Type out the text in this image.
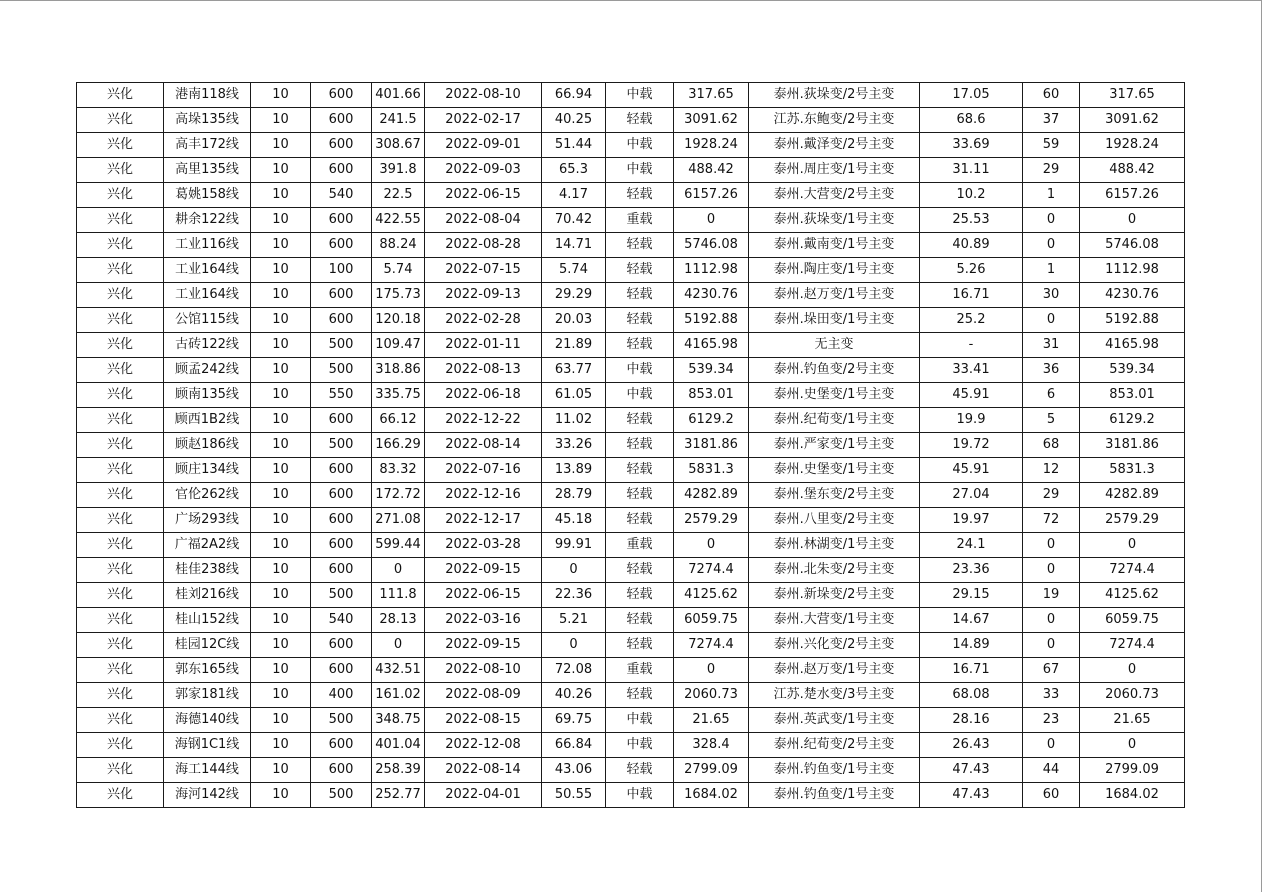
兴化	港南118线	10	600	401.66	2022-08-10	66.94	中载	317.65	泰州.荻垛变/2号主变	17.05	60	317.65
兴化	高垛135线	10	600	241.5	2022-02-17	40.25	轻载	3091.62	江苏.东鲍变/2号主变	68.6	37	3091.62
兴化	高丰172线	10	600	308.67	2022-09-01	51.44	中载	1928.24	泰州.戴泽变/2号主变	33.69	59	1928.24
兴化	高里135线	10	600	391.8	2022-09-03	65.3	中载	488.42	泰州.周庄变/1号主变	31.11	29	488.42
兴化	葛姚158线	10	540	22.5	2022-06-15	4.17	轻载	6157.26	泰州.大营变/2号主变	10.2	1	6157.26
兴化	耕余122线	10	600	422.55	2022-08-04	70.42	重载	0	泰州.荻垛变/1号主变	25.53	0	0
兴化	工业116线	10	600	88.24	2022-08-28	14.71	轻载	5746.08	泰州.戴南变/1号主变	40.89	0	5746.08
兴化	工业164线	10	100	5.74	2022-07-15	5.74	轻载	1112.98	泰州.陶庄变/1号主变	5.26	1	1112.98
兴化	工业164线	10	600	175.73	2022-09-13	29.29	轻载	4230.76	泰州.赵万变/1号主变	16.71	30	4230.76
兴化	公馆115线	10	600	120.18	2022-02-28	20.03	轻载	5192.88	泰州.垛田变/1号主变	25.2	0	5192.88
兴化	古砖122线	10	500	109.47	2022-01-11	21.89	轻载	4165.98	无主变	-	31	4165.98
兴化	顾孟242线	10	500	318.86	2022-08-13	63.77	中载	539.34	泰州.钓鱼变/2号主变	33.41	36	539.34
兴化	顾南135线	10	550	335.75	2022-06-18	61.05	中载	853.01	泰州.史堡变/1号主变	45.91	6	853.01
兴化	顾西1B2线	10	600	66.12	2022-12-22	11.02	轻载	6129.2	泰州.纪荀变/1号主变	19.9	5	6129.2
兴化	顾赵186线	10	500	166.29	2022-08-14	33.26	轻载	3181.86	泰州.严家变/1号主变	19.72	68	3181.86
兴化	顾庄134线	10	600	83.32	2022-07-16	13.89	轻载	5831.3	泰州.史堡变/1号主变	45.91	12	5831.3
兴化	官伦262线	10	600	172.72	2022-12-16	28.79	轻载	4282.89	泰州.堡东变/2号主变	27.04	29	4282.89
兴化	广场293线	10	600	271.08	2022-12-17	45.18	轻载	2579.29	泰州.八里变/2号主变	19.97	72	2579.29
兴化	广福2A2线	10	600	599.44	2022-03-28	99.91	重载	0	泰州.林湖变/1号主变	24.1	0	0
兴化	桂佳238线	10	600	0	2022-09-15	0	轻载	7274.4	泰州.北朱变/2号主变	23.36	0	7274.4
兴化	桂刘216线	10	500	111.8	2022-06-15	22.36	轻载	4125.62	泰州.新垛变/2号主变	29.15	19	4125.62
兴化	桂山152线	10	540	28.13	2022-03-16	5.21	轻载	6059.75	泰州.大营变/1号主变	14.67	0	6059.75
兴化	桂园12C线	10	600	0	2022-09-15	0	轻载	7274.4	泰州.兴化变/2号主变	14.89	0	7274.4
兴化	郭东165线	10	600	432.51	2022-08-10	72.08	重载	0	泰州.赵万变/1号主变	16.71	67	0
兴化	郭家181线	10	400	161.02	2022-08-09	40.26	轻载	2060.73	江苏.楚水变/3号主变	68.08	33	2060.73
兴化	海德140线	10	500	348.75	2022-08-15	69.75	中载	21.65	泰州.英武变/1号主变	28.16	23	21.65
兴化	海钢1C1线	10	600	401.04	2022-12-08	66.84	中载	328.4	泰州.纪荀变/2号主变	26.43	0	0
兴化	海工144线	10	600	258.39	2022-08-14	43.06	轻载	2799.09	泰州.钓鱼变/1号主变	47.43	44	2799.09
兴化	海河142线	10	500	252.77	2022-04-01	50.55	中载	1684.02	泰州.钓鱼变/1号主变	47.43	60	1684.02
